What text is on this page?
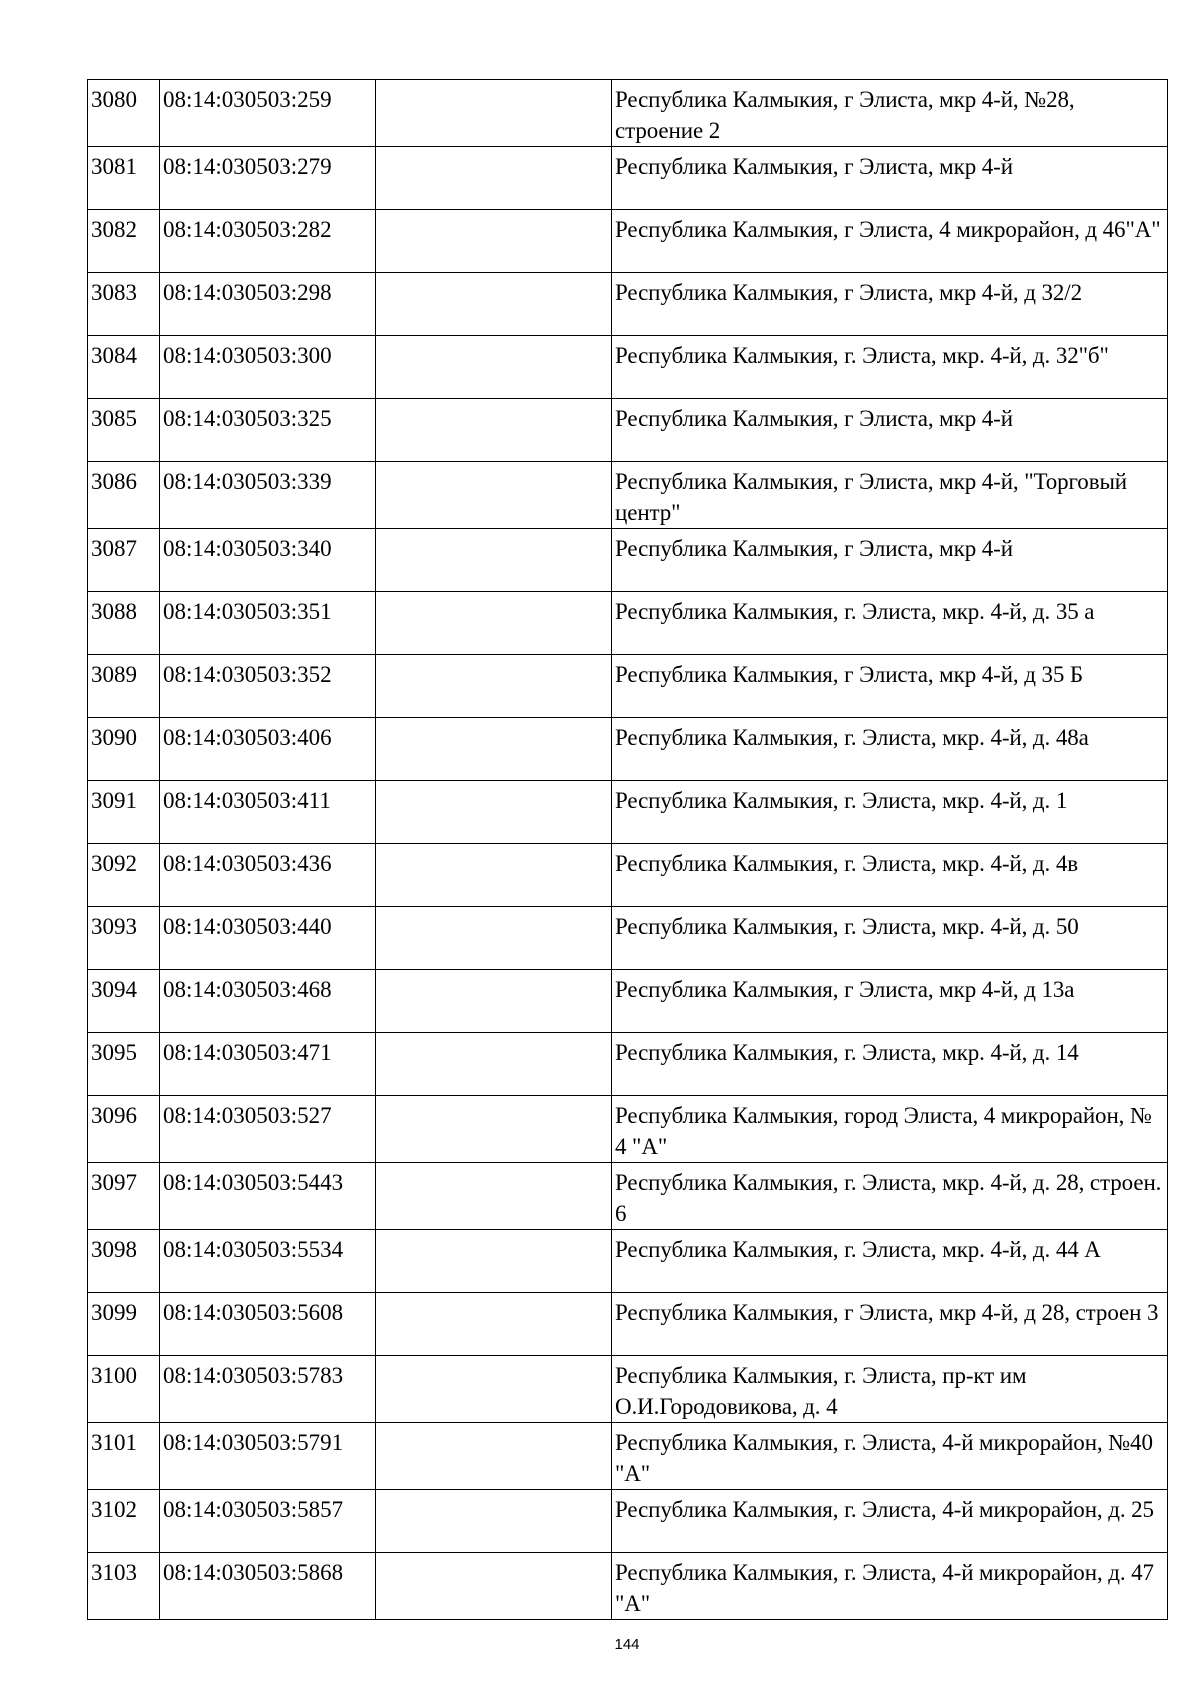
3080	08:14:030503:259		Республика Калмыкия, г Элиста, мкр 4-й, №28, строение 2
3081	08:14:030503:279		Республика Калмыкия, г Элиста, мкр 4-й
3082	08:14:030503:282		Республика Калмыкия, г Элиста, 4 микрорайон, д 46"А"
3083	08:14:030503:298		Республика Калмыкия, г Элиста, мкр 4-й, д 32/2
3084	08:14:030503:300		Республика Калмыкия, г. Элиста, мкр. 4-й, д. 32"б"
3085	08:14:030503:325		Республика Калмыкия, г Элиста, мкр 4-й
3086	08:14:030503:339		Республика Калмыкия, г Элиста, мкр 4-й, "Торговый центр"
3087	08:14:030503:340		Республика Калмыкия, г Элиста, мкр 4-й
3088	08:14:030503:351		Республика Калмыкия, г. Элиста, мкр. 4-й, д. 35 а
3089	08:14:030503:352		Республика Калмыкия, г Элиста, мкр 4-й, д 35 Б
3090	08:14:030503:406		Республика Калмыкия, г. Элиста, мкр. 4-й, д. 48а
3091	08:14:030503:411		Республика Калмыкия, г. Элиста, мкр. 4-й, д. 1
3092	08:14:030503:436		Республика Калмыкия, г. Элиста, мкр. 4-й, д. 4в
3093	08:14:030503:440		Республика Калмыкия, г. Элиста, мкр. 4-й, д. 50
3094	08:14:030503:468		Республика Калмыкия, г Элиста, мкр 4-й, д 13а
3095	08:14:030503:471		Республика Калмыкия, г. Элиста, мкр. 4-й, д. 14
3096	08:14:030503:527		Республика Калмыкия, город Элиста, 4 микрорайон, № 4 "А"
3097	08:14:030503:5443		Республика Калмыкия, г. Элиста, мкр. 4-й, д. 28, строен. 6
3098	08:14:030503:5534		Республика Калмыкия, г. Элиста, мкр. 4-й, д. 44 А
3099	08:14:030503:5608		Республика Калмыкия, г Элиста, мкр 4-й, д 28, строен 3
3100	08:14:030503:5783		Республика Калмыкия, г. Элиста, пр-кт им О.И.Городовикова, д. 4
3101	08:14:030503:5791		Республика Калмыкия, г. Элиста, 4-й микрорайон, №40 "А"
3102	08:14:030503:5857		Республика Калмыкия, г. Элиста, 4-й микрорайон, д. 25
3103	08:14:030503:5868		Республика Калмыкия, г. Элиста, 4-й микрорайон, д. 47 "А"
144
